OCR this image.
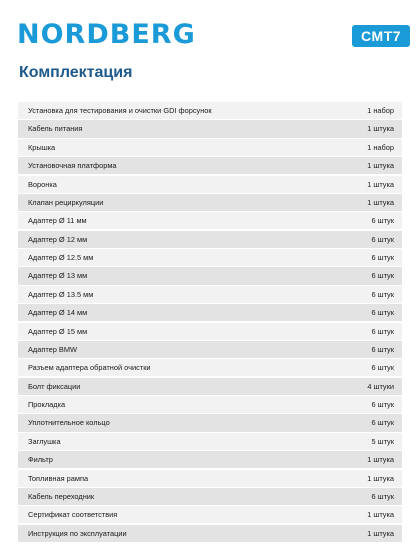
NORDBERG	CMT7
Комплектация
Установка для тестирования и очистки GDI форсунок	1 набор
Кабель питания	1 штука
Крышка	1 набор
Установочная платформа	1 штука
Воронка	1 штука
Клапан рециркуляции	1 штука
Адаптер Ø 11 мм	6 штук
Адаптер Ø 12 мм	6 штук
Адаптер Ø 12.5 мм	6 штук
Адаптер Ø 13 мм	6 штук
Адаптер Ø 13.5 мм	6 штук
Адаптер Ø 14 мм	6 штук
Адаптер Ø 15 мм	6 штук
Адаптер BMW	6 штук
Разъем адаптера обратной очистки	6 штук
Болт фиксации	4 штуки
Прокладка	6 штук
Уплотнительное кольцо	6 штук
Заглушка	5 штук
Фильтр	1 штука
Топливная рампа	1 штука
Кабель переходник	6 штук
Сертификат соответствия	1 штука
Инструкция по эксплуатации	1 штука
